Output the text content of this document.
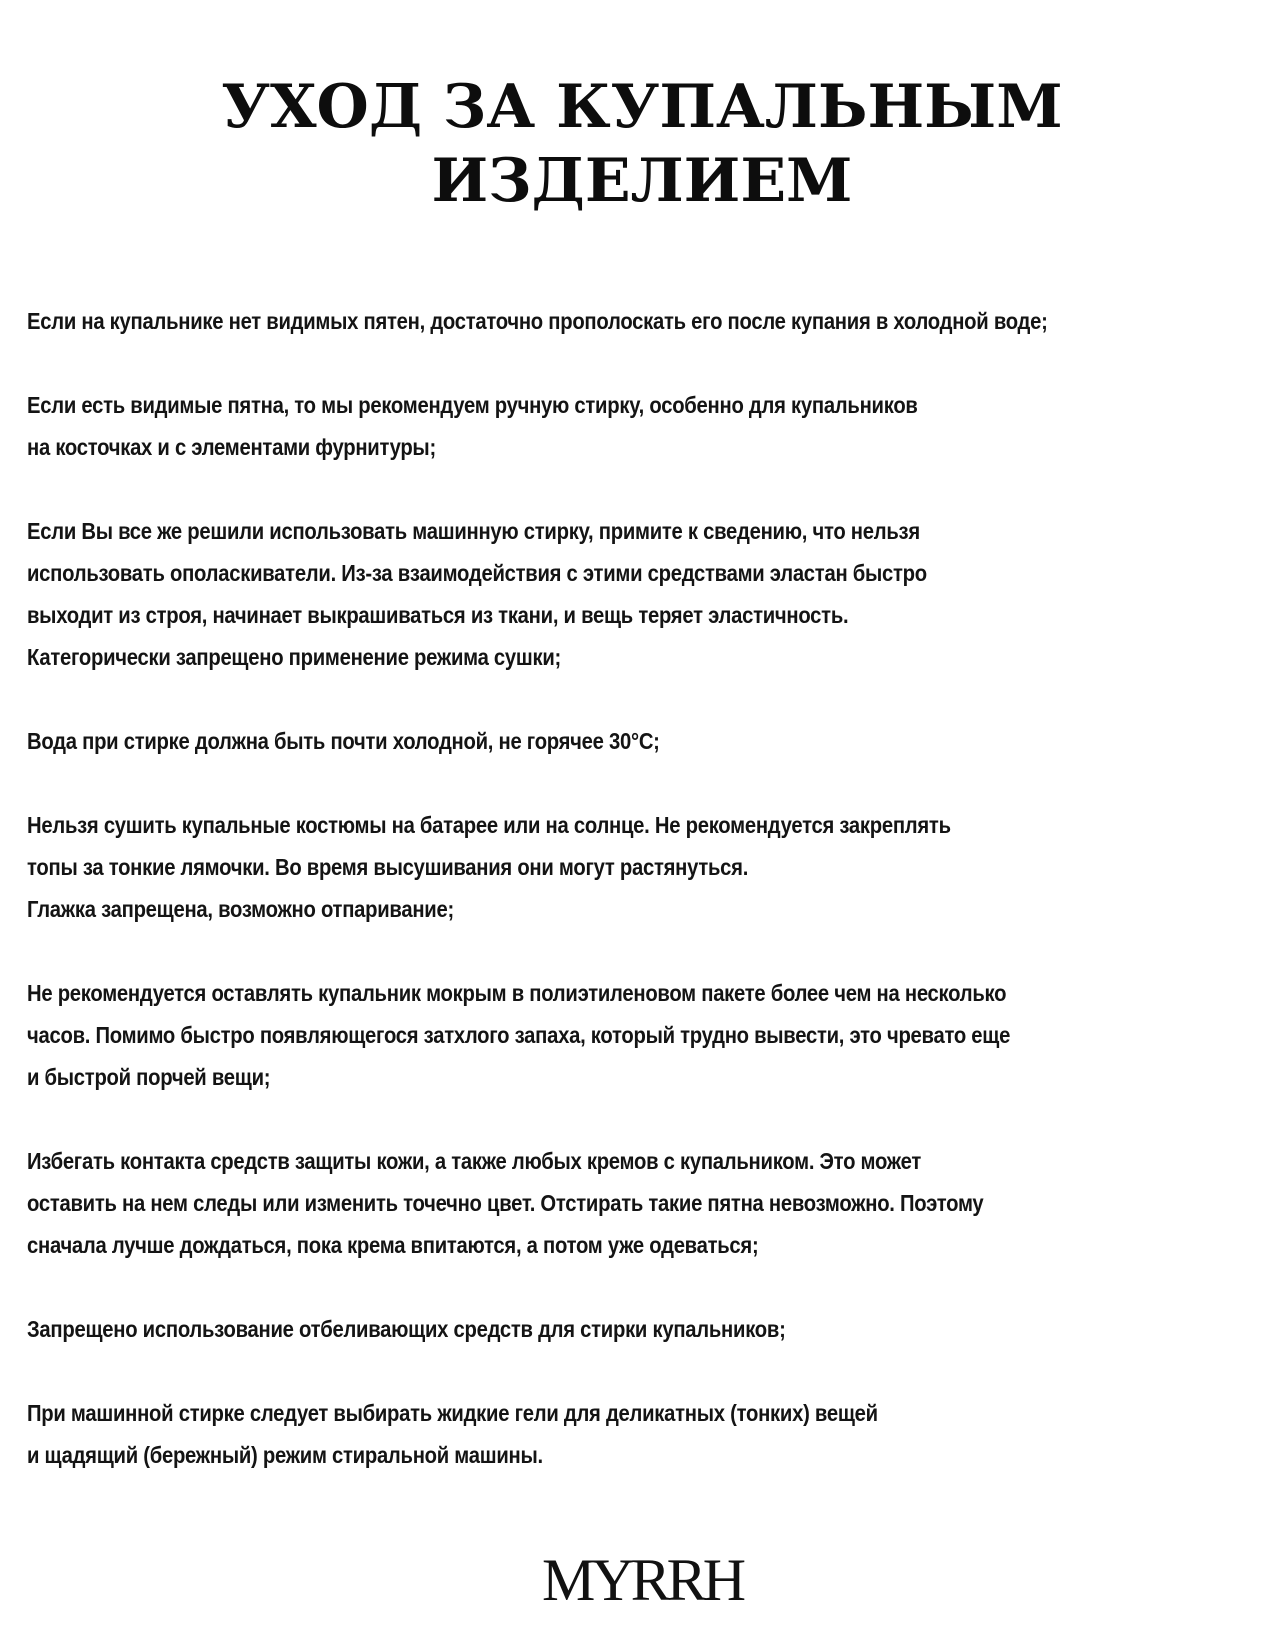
УХОД ЗА КУПАЛЬНЫМ
ИЗДЕЛИЕМ

Если на купальнике нет видимых пятен, достаточно прополоскать его после купания в холодной воде;

Если есть видимые пятна, то мы рекомендуем ручную стирку, особенно для купальников
на косточках и с элементами фурнитуры;

Если Вы все же решили использовать машинную стирку, примите к сведению, что нельзя
использовать ополаскиватели. Из-за взаимодействия с этими средствами эластан быстро
выходит из строя, начинает выкрашиваться из ткани, и вещь теряет эластичность.
Категорически запрещено применение режима сушки;

Вода при стирке должна быть почти холодной, не горячее 30°С;

Нельзя сушить купальные костюмы на батарее или на солнце. Не рекомендуется закреплять
топы за тонкие лямочки. Во время высушивания они могут растянуться.
Глажка запрещена, возможно отпаривание;

Не рекомендуется оставлять купальник мокрым в полиэтиленовом пакете более чем на несколько
часов. Помимо быстро появляющегося затхлого запаха, который трудно вывести, это чревато еще
и быстрой порчей вещи;

Избегать контакта средств защиты кожи, а также любых кремов с купальником. Это может
оставить на нем следы или изменить точечно цвет. Отстирать такие пятна невозможно. Поэтому
сначала лучше дождаться, пока крема впитаются, а потом уже одеваться;

Запрещено использование отбеливающих средств для стирки купальников;

При машинной стирке следует выбирать жидкие гели для деликатных (тонких) вещей
и щадящий (бережный) режим стиральной машины.

MYRRH
